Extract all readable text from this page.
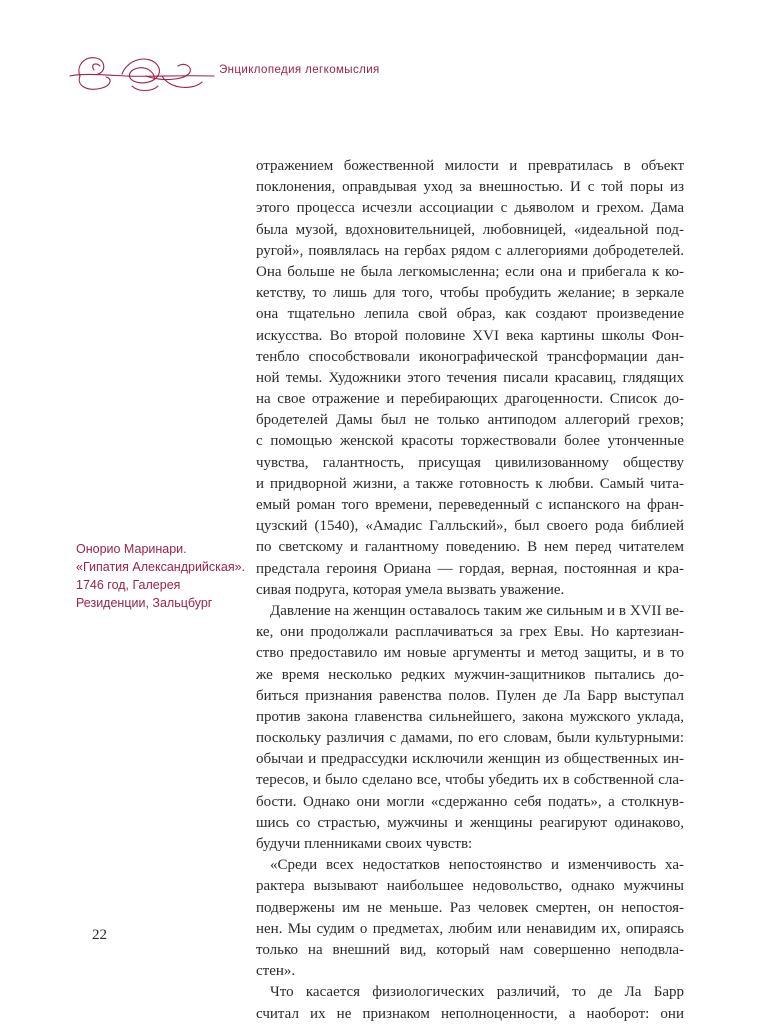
Энциклопедия легкомыслия
Онорио Маринари.
«Гипатия Александрийская».
1746 год, Галерея
Резиденции, Зальцбург
отражением божественной милости и превратилась в объект
поклонения, оправдывая уход за внешностью. И с той поры из
этого процесса исчезли ассоциации с дьяволом и грехом. Дама
была музой, вдохновительницей, любовницей, «идеальной под-
ругой», появлялась на гербах рядом с аллегориями добродетелей.
Она больше не была легкомысленна; если она и прибегала к ко-
кетству, то лишь для того, чтобы пробудить желание; в зеркале
она тщательно лепила свой образ, как создают произведение
искусства. Во второй половине XVI века картины школы Фон-
тенбло способствовали иконографической трансформации дан-
ной темы. Художники этого течения писали красавиц, глядящих
на свое отражение и перебирающих драгоценности. Список до-
бродетелей Дамы был не только антиподом аллегорий грехов;
с помощью женской красоты торжествовали более утонченные
чувства, галантность, присущая цивилизованному обществу
и придворной жизни, а также готовность к любви. Самый чита-
емый роман того времени, переведенный с испанского на фран-
цузский (1540), «Амадис Галльский», был своего рода библией
по светскому и галантному поведению. В нем перед читателем
предстала героиня Ориана — гордая, верная, постоянная и кра-
сивая подруга, которая умела вызвать уважение.
Давление на женщин оставалось таким же сильным и в XVII ве-
ке, они продолжали расплачиваться за грех Евы. Но картезиан-
ство предоставило им новые аргументы и метод защиты, и в то
же время несколько редких мужчин-защитников пытались до-
биться признания равенства полов. Пулен де Ла Барр выступал
против закона главенства сильнейшего, закона мужского уклада,
поскольку различия с дамами, по его словам, были культурными:
обычаи и предрассудки исключили женщин из общественных ин-
тересов, и было сделано все, чтобы убедить их в собственной сла-
бости. Однако они могли «сдержанно себя подать», а столкнув-
шись со страстью, мужчины и женщины реагируют одинаково,
будучи пленниками своих чувств:
«Среди всех недостатков непостоянство и изменчивость ха-
рактера вызывают наибольшее недовольство, однако мужчины
подвержены им не меньше. Раз человек смертен, он непостоя-
нен. Мы судим о предметах, любим или ненавидим их, опираясь
только на внешний вид, который нам совершенно неподвла-
стен».
Что касается физиологических различий, то де Ла Барр
считал их не признаком неполноценности, а наоборот: они
22
